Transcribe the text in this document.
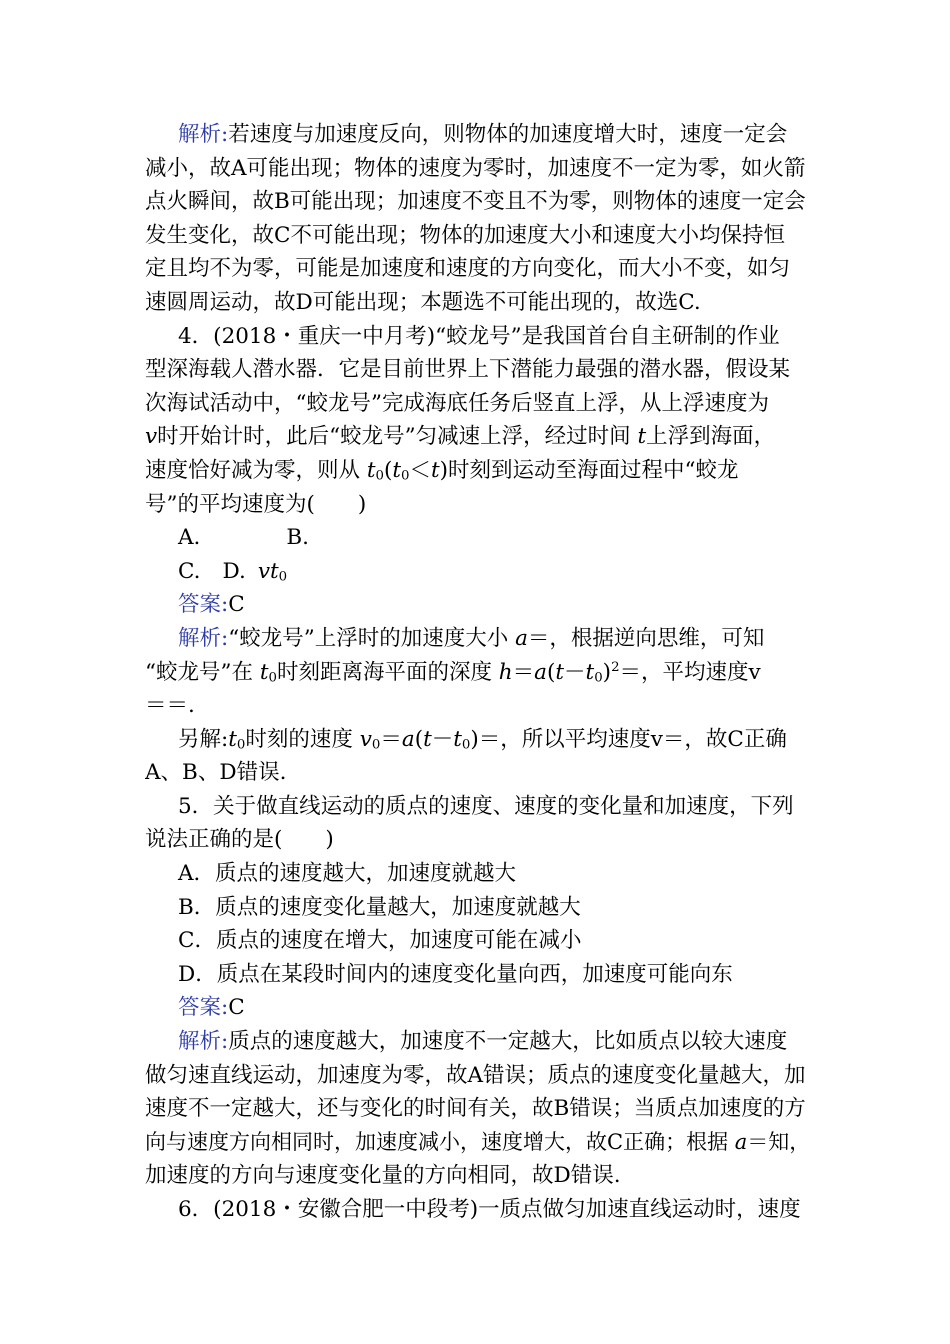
解析:若速度与加速度反向，则物体的加速度增大时，速度一定会
减小，故A可能出现；物体的速度为零时，加速度不一定为零，如火箭
点火瞬间，故B可能出现；加速度不变且不为零，则物体的速度一定会
发生变化，故C不可能出现；物体的加速度大小和速度大小均保持恒
定且均不为零，可能是加速度和速度的方向变化，而大小不变，如匀
速圆周运动，故D可能出现；本题选不可能出现的，故选C.
4．(2018・重庆一中月考)“蛟龙号”是我国首台自主研制的作业
型深海载人潜水器．它是目前世界上下潜能力最强的潜水器，假设某
次海试活动中，“蛟龙号”完成海底任务后竖直上浮，从上浮速度为
v时开始计时，此后“蛟龙号”匀减速上浮，经过时间 t上浮到海面，
速度恰好减为零，则从 $t_0(t_0<t)$时刻到运动至海面过程中“蛟龙
号”的平均速度为(　　)
A.	B.
C. D. $vt_0$
答案:C
解析:“蛟龙号”上浮时的加速度大小 a＝，根据逆向思维，可知
“蛟龙号”在 $t_0$时刻距离海平面的深度 $h=a(t-t_0)^2=$，平均速度v
＝＝.
另解$:t_0$时刻的速度 $v_0=a(t-t_0)=$，所以平均速度v＝，故C正确
A、B、D错误.
5．关于做直线运动的质点的速度、速度的变化量和加速度，下列
说法正确的是(　　)
A．质点的速度越大，加速度就越大
B．质点的速度变化量越大，加速度就越大
C．质点的速度在增大，加速度可能在减小
D．质点在某段时间内的速度变化量向西，加速度可能向东
答案:C
解析:质点的速度越大，加速度不一定越大，比如质点以较大速度
做匀速直线运动，加速度为零，故A错误；质点的速度变化量越大，加
速度不一定越大，还与变化的时间有关，故B错误；当质点加速度的方
向与速度方向相同时，加速度减小，速度增大，故C正确；根据 a＝知，
加速度的方向与速度变化量的方向相同，故D错误.
6．(2018・安徽合肥一中段考)一质点做匀加速直线运动时，速度
